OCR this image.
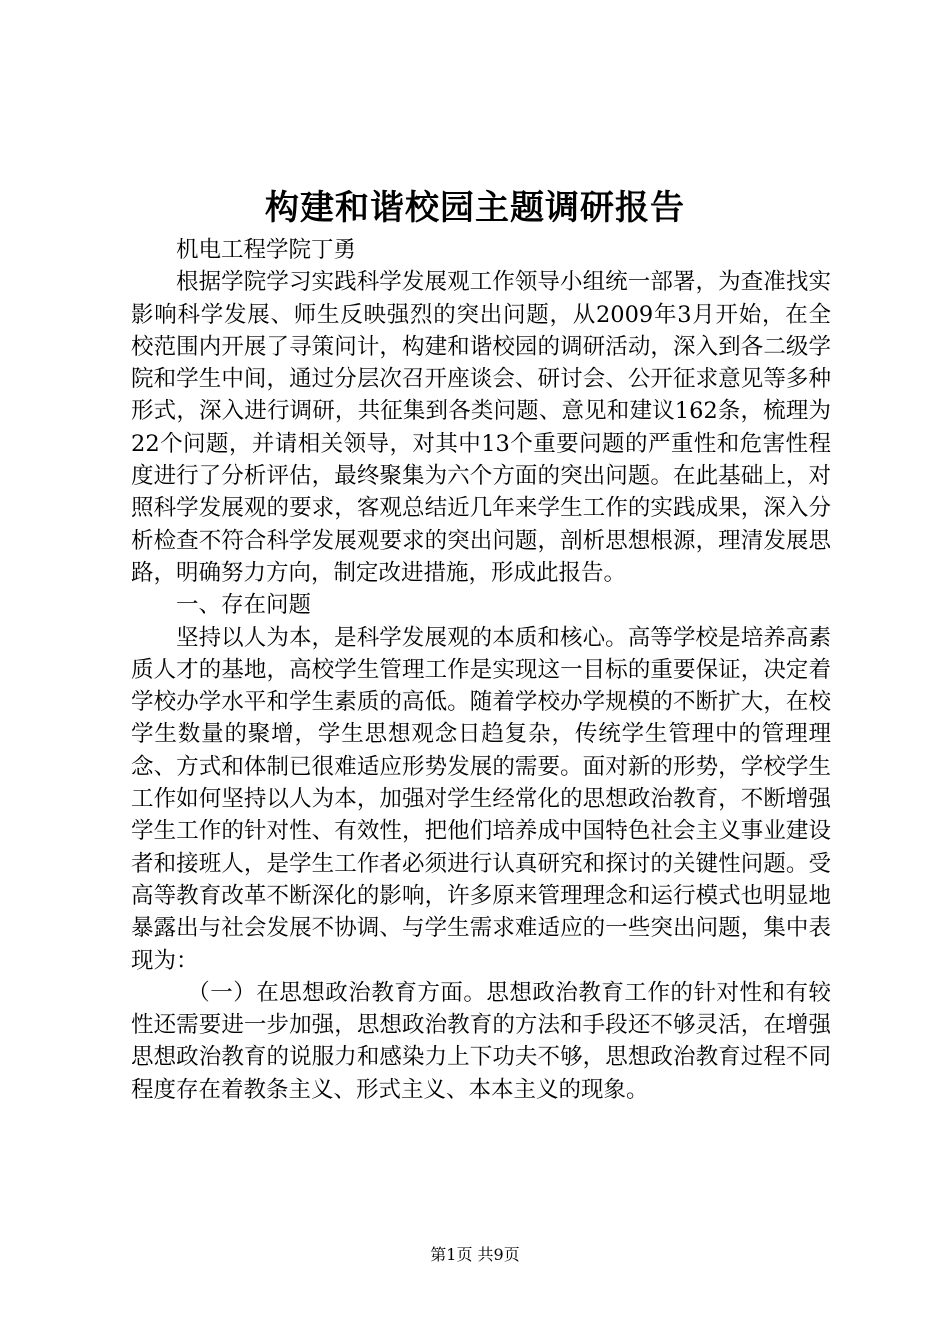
构建和谐校园主题调研报告

机电工程学院丁勇

根据学院学习实践科学发展观工作领导小组统一部署，为查准找实影响科学发展、师生反映强烈的突出问题，从2009年3月开始，在全校范围内开展了寻策问计，构建和谐校园的调研活动，深入到各二级学院和学生中间，通过分层次召开座谈会、研讨会、公开征求意见等多种形式，深入进行调研，共征集到各类问题、意见和建议162条，梳理为22个问题，并请相关领导，对其中13个重要问题的严重性和危害性程度进行了分析评估，最终聚集为六个方面的突出问题。在此基础上，对照科学发展观的要求，客观总结近几年来学生工作的实践成果，深入分析检查不符合科学发展观要求的突出问题，剖析思想根源，理清发展思路，明确努力方向，制定改进措施，形成此报告。

一、存在问题

坚持以人为本，是科学发展观的本质和核心。高等学校是培养高素质人才的基地，高校学生管理工作是实现这一目标的重要保证，决定着学校办学水平和学生素质的高低。随着学校办学规模的不断扩大，在校学生数量的聚增，学生思想观念日趋复杂，传统学生管理中的管理理念、方式和体制已很难适应形势发展的需要。面对新的形势，学校学生工作如何坚持以人为本，加强对学生经常化的思想政治教育，不断增强学生工作的针对性、有效性，把他们培养成中国特色社会主义事业建设者和接班人，是学生工作者必须进行认真研究和探讨的关键性问题。受高等教育改革不断深化的影响，许多原来管理理念和运行模式也明显地暴露出与社会发展不协调、与学生需求难适应的一些突出问题，集中表现为：

（一）在思想政治教育方面。思想政治教育工作的针对性和有较性还需要进一步加强，思想政治教育的方法和手段还不够灵活，在增强思想政治教育的说服力和感染力上下功夫不够，思想政治教育过程不同程度存在着教条主义、形式主义、本本主义的现象。

第1页 共9页
